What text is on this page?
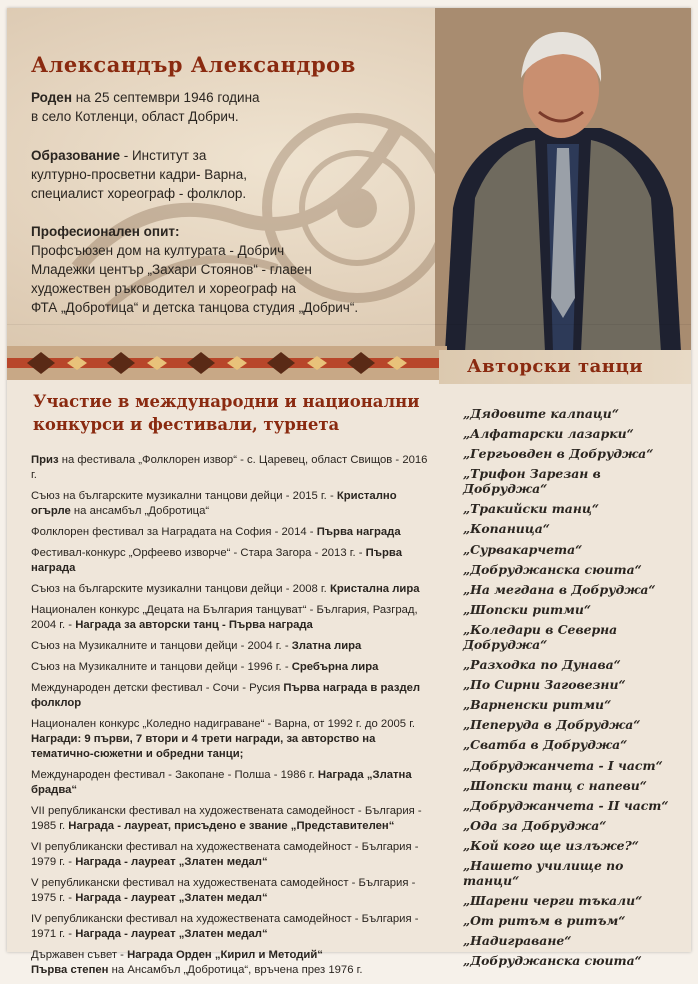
Александър Александров
Роден на 25 септември 1946 година
в село Котленци, област Добрич.
Образование - Институт за
културно-просветни кадри- Варна,
специалист хореограф - фолклор.
Професионален опит:
Профсъюзен дом на културата - Добрич
Младежки център „Захари Стоянов“ - главен
художествен ръководител и хореограф на
ФТА „Добротица“ и детска танцова студия „Добрич“.
Авторски танци
Участие в международни и национални
конкурси и фестивали, турнета
Приз на фестивала „Фолклорен извор“ - с. Царевец, област Свищов - 2016 г.
Съюз на българските музикални танцови дейци - 2015 г. - Кристално огърле на ансамбъл „Добротица“
Фолклорен фестивал за Наградата на София - 2014 - Първа награда
Фестивал-конкурс „Орфеево изворче“ - Стара Загора - 2013 г. - Първа награда
Съюз на българските музикални танцови дейци - 2008 г. Кристална лира
Национален конкурс „Децата на България танцуват“ - България, Разград, 2004 г. - Награда за авторски танц - Първа награда
Съюз на Музикалните и танцови дейци - 2004 г. - Златна лира
Съюз на Музикалните и танцови дейци - 1996 г. - Сребърна лира
Международен детски фестивал - Сочи - Русия Първа награда в раздел фолклор
Национален конкурс „Коледно надиграване“ - Варна, от 1992 г. до 2005 г. Награди: 9 първи, 7 втори и 4 трети награди, за авторство на тематично-сюжетни и обредни танци;
Международен фестивал - Закопане - Полша - 1986 г. Награда „Златна брадва“
VII републикански фестивал на художествената самодейност - България - 1985 г. Награда - лауреат, присъдено е звание „Представителен“
VI републикански фестивал на художествената самодейност - България - 1979 г. - Награда - лауреат „Златен медал“
V републикански фестивал на художествената самодейност - България - 1975 г. - Награда - лауреат „Златен медал“
IV републикански фестивал на художествената самодейност - България - 1971 г. - Награда - лауреат „Златен медал“
Държавен съвет - Награда Орден „Кирил и Методий“
Първа степен на Ансамбъл „Добротица“, връчена през 1976 г.
„Дядовите калпаци“
„Алфатарски лазарки“
„Гергьовден в Добруджа“
„Трифон Зарезан в Добруджа“
„Тракийски танц“
„Копаница“
„Сурвакарчета“
„Добруджанска сюита“
„На мегдана в Добруджа“
„Шопски ритми“
„Коледари в Северна Добруджа“
„Разходка по Дунава“
„По Сирни Заговезни“
„Варненски ритми“
„Пеперуда в Добруджа“
„Сватба в Добруджа“
„Добруджанчета - I част“
„Шопски танц с напеви“
„Добруджанчета - II част“
„Ода за Добруджа“
„Кой кого ще излъже?“
„Нашето училище по танци“
„Шарени черги тъкали“
„От ритъм в ритъм“
„Надиграване“
„Добруджанска сюита“
